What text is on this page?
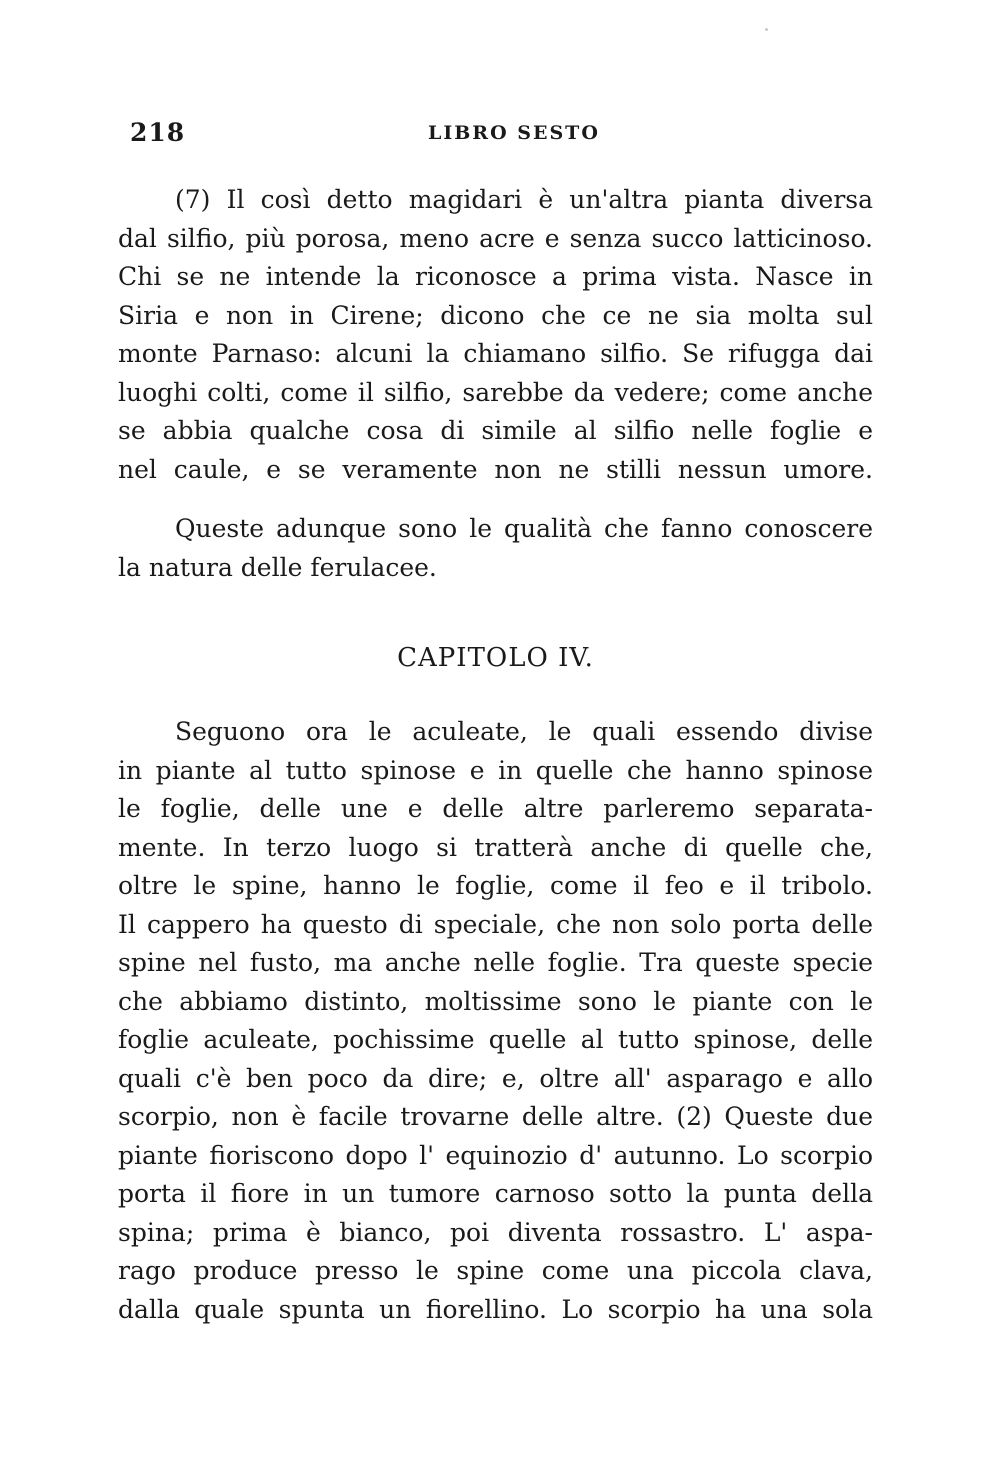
218	LIBRO SESTO
(7) Il così detto magidari è un'altra pianta diversa
dal silfio, più porosa, meno acre e senza succo latticinoso.
Chi se ne intende la riconosce a prima vista. Nasce in
Siria e non in Cirene; dicono che ce ne sia molta sul
monte Parnaso: alcuni la chiamano silfio. Se rifugga dai
luoghi colti, come il silfio, sarebbe da vedere; come anche
se abbia qualche cosa di simile al silfio nelle foglie e
nel caule, e se veramente non ne stilli nessun umore.
Queste adunque sono le qualità che fanno conoscere
la natura delle ferulacee.
CAPITOLO IV.
Seguono ora le aculeate, le quali essendo divise
in piante al tutto spinose e in quelle che hanno spinose
le foglie, delle une e delle altre parleremo separata-
mente. In terzo luogo si tratterà anche di quelle che,
oltre le spine, hanno le foglie, come il feo e il tribolo.
Il cappero ha questo di speciale, che non solo porta delle
spine nel fusto, ma anche nelle foglie. Tra queste specie
che abbiamo distinto, moltissime sono le piante con le
foglie aculeate, pochissime quelle al tutto spinose, delle
quali c'è ben poco da dire; e, oltre all' asparago e allo
scorpio, non è facile trovarne delle altre. (2) Queste due
piante fioriscono dopo l' equinozio d' autunno. Lo scorpio
porta il fiore in un tumore carnoso sotto la punta della
spina; prima è bianco, poi diventa rossastro. L' aspa-
rago produce presso le spine come una piccola clava,
dalla quale spunta un fiorellino. Lo scorpio ha una sola
